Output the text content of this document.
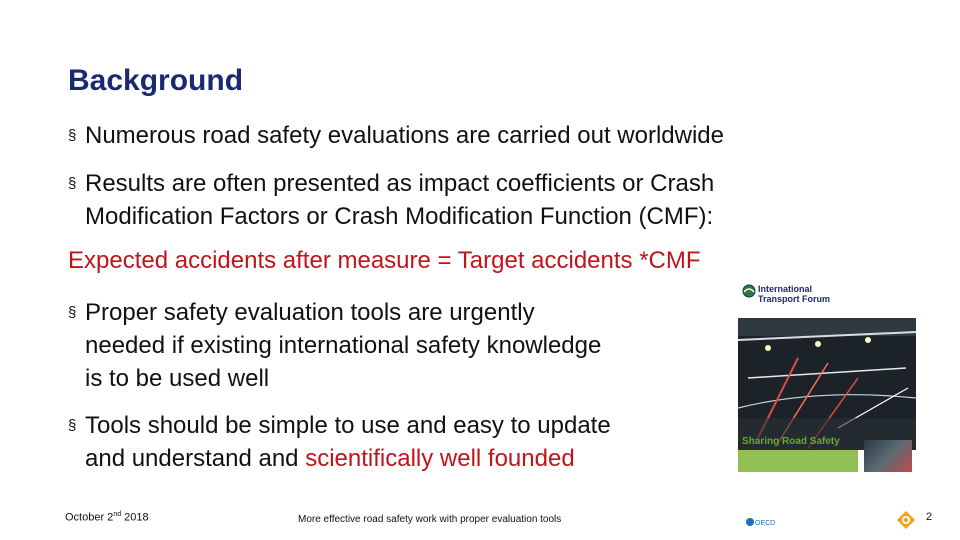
Background
§ Numerous road safety evaluations are carried out worldwide
§ Results are often presented as impact coefficients or Crash
Modification Factors or Crash Modification Function (CMF):
Expected accidents after measure = Target accidents *CMF
§ Proper safety evaluation tools are urgently
needed if existing international safety knowledge
is to be used well
§ Tools should be simple to use and easy to update
and understand and scientifically well founded
International
Transport Forum
Sharing Road Safety
October 2nd 2018	More effective road safety work with proper evaluation tools	OECD
2
